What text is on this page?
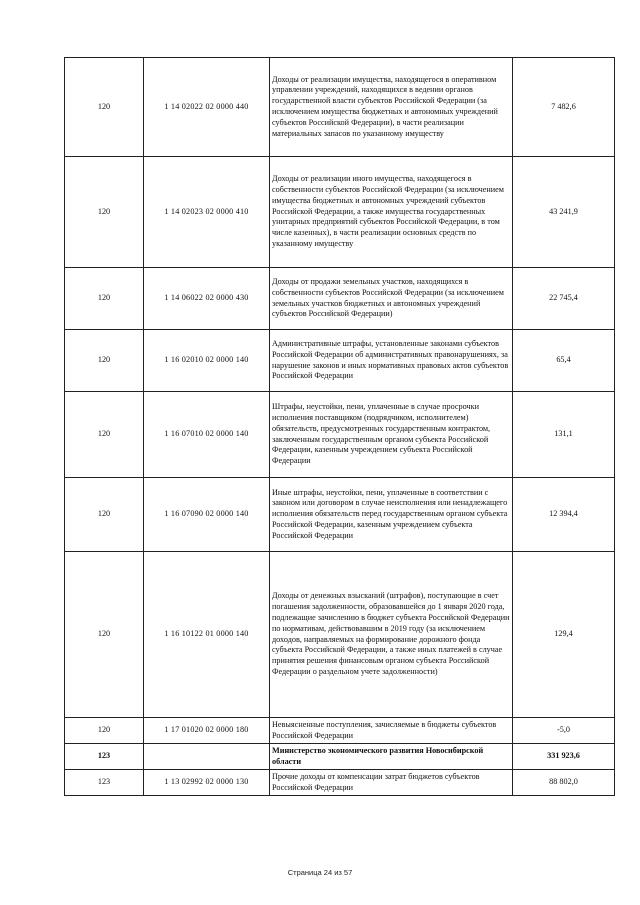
120	1 14 02022 02 0000 440	Доходы от реализации имущества, находящегося в оперативном управлении учреждений, находящихся в ведении органов государственной власти субъектов Российской Федерации (за исключением имущества бюджетных и автономных учреждений субъектов Российской Федерации), в части реализации материальных запасов по указанному имуществу	7 482,6
120	1 14 02023 02 0000 410	Доходы от реализации иного имущества, находящегося в собственности субъектов Российской Федерации (за исключением имущества бюджетных и автономных учреждений субъектов Российской Федерации, а также имущества государственных унитарных предприятий субъектов Российской Федерации, в том числе казенных), в части реализации основных средств по указанному имуществу	43 241,9
120	1 14 06022 02 0000 430	Доходы от продажи земельных участков, находящихся в собственности субъектов Российской Федерации (за исключением земельных участков бюджетных и автономных учреждений субъектов Российской Федерации)	22 745,4
120	1 16 02010 02 0000 140	Административные штрафы, установленные законами субъектов Российской Федерации об административных правонарушениях, за нарушение законов и иных нормативных правовых актов субъектов Российской Федерации	65,4
120	1 16 07010 02 0000 140	Штрафы, неустойки, пени, уплаченные в случае просрочки исполнения поставщиком (подрядчиком, исполнителем) обязательств, предусмотренных государственным контрактом, заключенным государственным органом субъекта Российской Федерации, казенным учреждением субъекта Российской Федерации	131,1
120	1 16 07090 02 0000 140	Иные штрафы, неустойки, пени, уплаченные в соответствии с законом или договором в случае неисполнения или ненадлежащего исполнения обязательств перед государственным органом субъекта Российской Федерации, казенным учреждением субъекта Российской Федерации	12 394,4
120	1 16 10122 01 0000 140	Доходы от денежных взысканий (штрафов), поступающие в счет погашения задолженности, образовавшейся до 1 января 2020 года, подлежащие зачислению в бюджет субъекта Российской Федерации по нормативам, действовавшим в 2019 году (за исключением доходов, направляемых на формирование дорожного фонда субъекта Российской Федерации, а также иных платежей в случае принятия решения финансовым органом субъекта Российской Федерации о раздельном учете задолженности)	129,4
120	1 17 01020 02 0000 180	Невыясненные поступления, зачисляемые в бюджеты субъектов Российской Федерации	-5,0
123		Министерство экономического развития Новосибирской области	331 923,6
123	1 13 02992 02 0000 130	Прочие доходы от компенсации затрат бюджетов субъектов Российской Федерации	88 802,0
Страница 24 из 57
